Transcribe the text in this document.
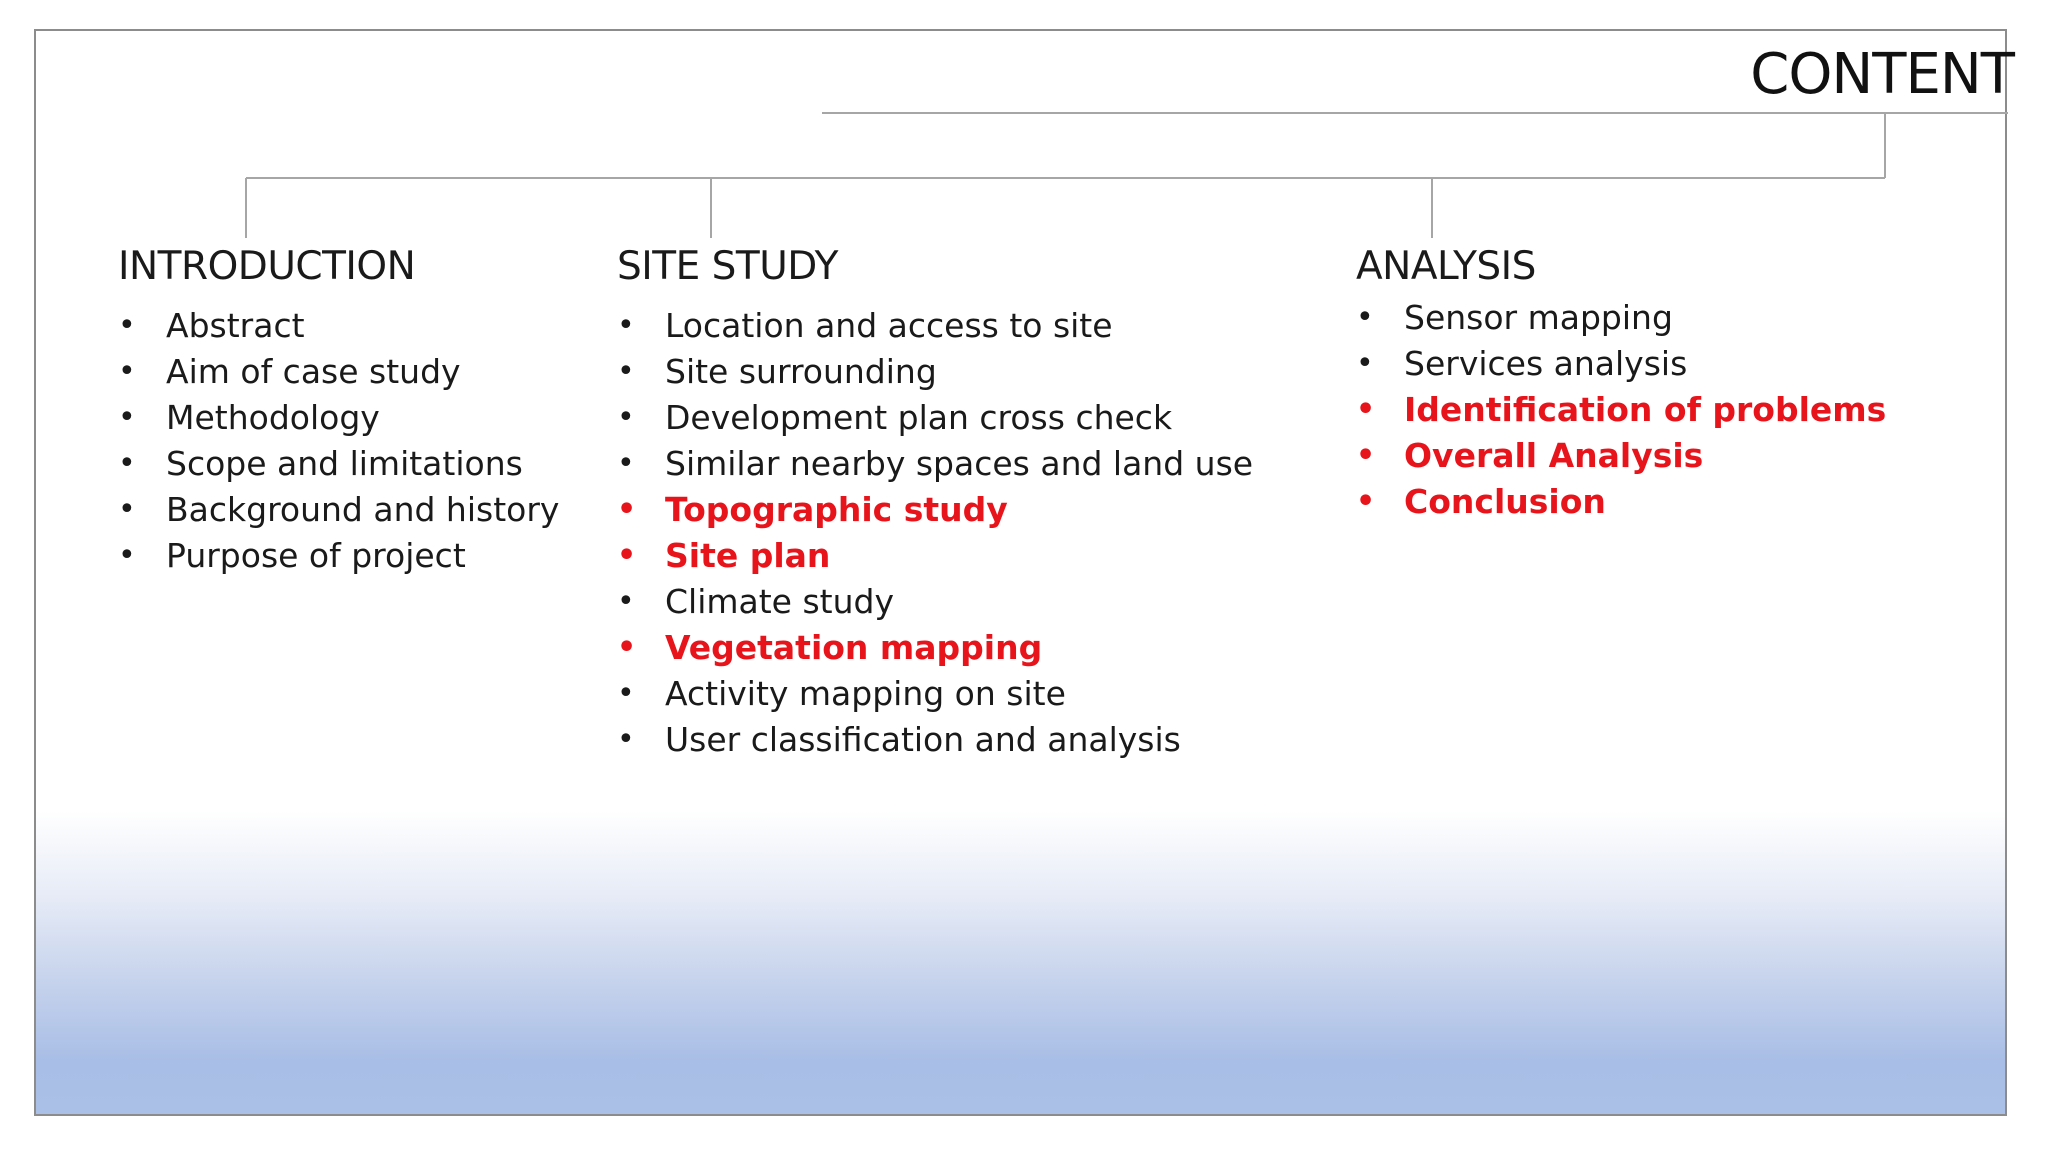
CONTENT
INTRODUCTION
• Abstract
• Aim of case study
• Methodology
• Scope and limitations
• Background and history
• Purpose of project
SITE STUDY
• Location and access to site
• Site surrounding
• Development plan cross check
• Similar nearby spaces and land use
• Topographic study
• Site plan
• Climate study
• Vegetation mapping
• Activity mapping on site
• User classification and analysis
ANALYSIS
• Sensor mapping
• Services analysis
• Identification of problems
• Overall Analysis
• Conclusion
